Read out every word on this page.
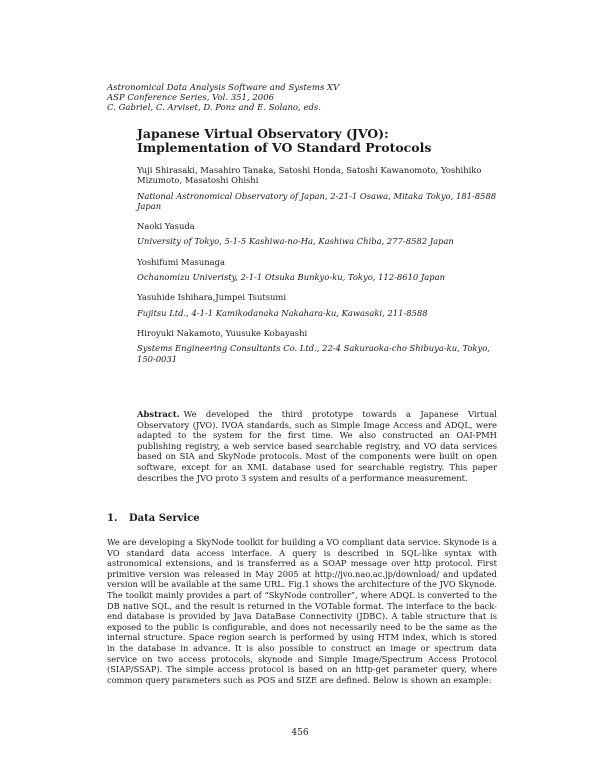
Astronomical Data Analysis Software and Systems XV
ASP Conference Series, Vol. 351, 2006
C. Gabriel, C. Arviset, D. Ponz and E. Solano, eds.
Japanese Virtual Observatory (JVO): Implementation of VO Standard Protocols
Yuji Shirasaki, Masahiro Tanaka, Satoshi Honda, Satoshi Kawanomoto, Yoshihiko Mizumoto, Masatoshi Ohishi
National Astronomical Observatory of Japan, 2-21-1 Osawa, Mitaka Tokyo, 181-8588 Japan
Naoki Yasuda
University of Tokyo, 5-1-5 Kashiwa-no-Ha, Kashiwa Chiba, 277-8582 Japan
Yoshifumi Masunaga
Ochanomizu Univeristy, 2-1-1 Otsuka Bunkyo-ku, Tokyo, 112-8610 Japan
Yasuhide Ishihara,Jumpei Tsutsumi
Fujitsu Ltd., 4-1-1 Kamikodanaka Nakahara-ku, Kawasaki, 211-8588
Hiroyuki Nakamoto, Yuusuke Kobayashi
Systems Engineering Consultants Co. Ltd., 22-4 Sakuraoka-cho Shibuya-ku, Tokyo, 150-0031
Abstract. We developed the third prototype towards a Japanese Virtual Observatory (JVO). IVOA standards, such as Simple Image Access and ADQL, were adapted to the system for the first time. We also constructed an OAI-PMH publishing registry, a web service based searchable registry, and VO data services based on SIA and SkyNode protocols. Most of the components were built on open software, except for an XML database used for searchable registry. This paper describes the JVO proto 3 system and results of a performance measurement.
1. Data Service
We are developing a SkyNode toolkit for building a VO compliant data service. Skynode is a VO standard data access interface. A query is described in SQL-like syntax with astronomical extensions, and is transferred as a SOAP message over http protocol. First primitive version was released in May 2005 at http://jvo.nao.ac.jp/download/ and updated version will be available at the same URL. Fig.1 shows the architecture of the JVO Skynode. The toolkit mainly provides a part of “SkyNode controller”, where ADQL is converted to the DB native SQL, and the result is returned in the VOTable format. The interface to the back-end database is provided by Java DataBase Connectivity (JDBC). A table structure that is exposed to the public is configurable, and does not necessarily need to be the same as the internal structure. Space region search is performed by using HTM index, which is stored in the database in advance. It is also possible to construct an image or spectrum data service on two access protocols, skynode and Simple Image/Spectrum Access Protocol (SIAP/SSAP). The simple access protocol is based on an http-get parameter query, where common query parameters such as POS and SIZE are defined. Below is shown an example:
456
